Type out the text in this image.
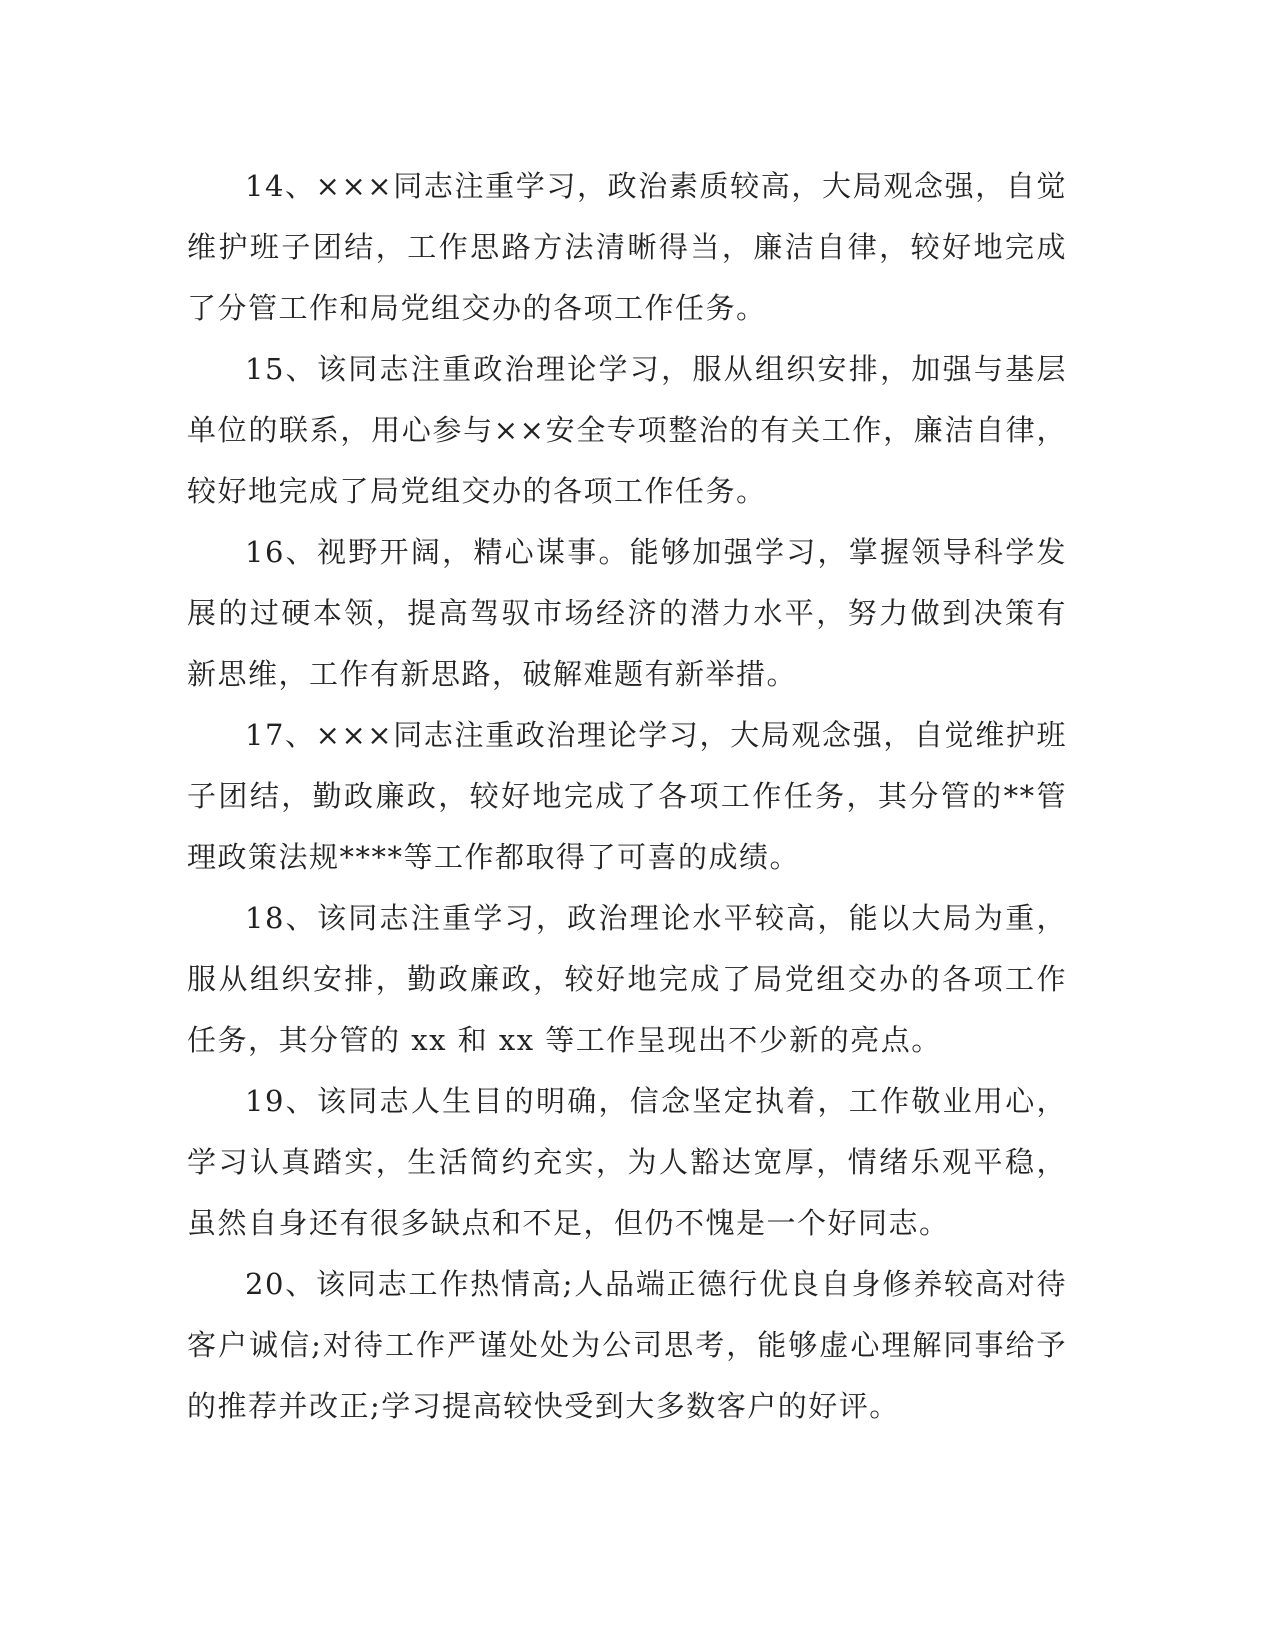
14、×××同志注重学习，政治素质较高，大局观念强，自觉维护班子团结，工作思路方法清晰得当，廉洁自律，较好地完成了分管工作和局党组交办的各项工作任务。

15、该同志注重政治理论学习，服从组织安排，加强与基层单位的联系，用心参与××安全专项整治的有关工作，廉洁自律，较好地完成了局党组交办的各项工作任务。

16、视野开阔，精心谋事。能够加强学习，掌握领导科学发展的过硬本领，提高驾驭市场经济的潜力水平，努力做到决策有新思维，工作有新思路，破解难题有新举措。

17、×××同志注重政治理论学习，大局观念强，自觉维护班子团结，勤政廉政，较好地完成了各项工作任务，其分管的**管理政策法规****等工作都取得了可喜的成绩。

18、该同志注重学习，政治理论水平较高，能以大局为重，服从组织安排，勤政廉政，较好地完成了局党组交办的各项工作任务，其分管的 xx 和 xx 等工作呈现出不少新的亮点。

19、该同志人生目的明确，信念坚定执着，工作敬业用心，学习认真踏实，生活简约充实，为人豁达宽厚，情绪乐观平稳，虽然自身还有很多缺点和不足，但仍不愧是一个好同志。

20、该同志工作热情高;人品端正德行优良自身修养较高对待客户诚信;对待工作严谨处处为公司思考，能够虚心理解同事给予的推荐并改正;学习提高较快受到大多数客户的好评。
